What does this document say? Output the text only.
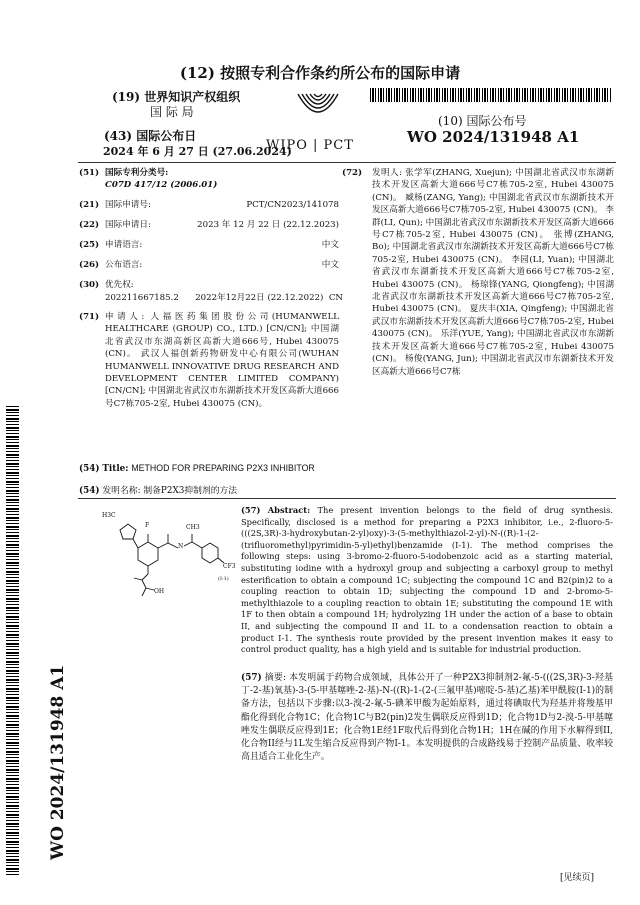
(12) 按照专利合作条约所公布的国际申请
(19) 世界知识产权组织
国 际 局
(43) 国际公布日
2024 年 6 月 27 日 (27.06.2024)
WIPO | PCT
(10) 国际公布号
WO 2024/131948 A1
(51) 国际专利分类号:
C07D 417/12 (2006.01)
(21) 国际申请号:	PCT/CN2023/141078
(22) 国际申请日:	2023 年 12 月 22 日 (22.12.2023)
(25) 申请语言:	中文
(26) 公布语言:	中文
(30) 优先权:
202211667185.2      2022年12月22日 (22.12.2022)  CN
(71) 申请人: 人福医药集团股份公司(HUMANWELL HEALTHCARE (GROUP) CO., LTD.) [CN/CN]; 中国湖北省武汉市东湖高新区高新大道666号, Hubei 430075 (CN)。 武汉人福创新药物研发中心有限公司(WUHAN HUMANWELL INNOVATIVE DRUG RESEARCH AND DEVELOPMENT CENTER LIMITED COMPANY) [CN/CN]; 中国湖北省武汉市东湖新技术开发区高新大道666号C7栋705-2室, Hubei 430075 (CN)。
(72) 发明人: 张学军(ZHANG, Xuejun); 中国湖北省武汉市东湖新技术开发区高新大道666号C7栋705-2室, Hubei 430075 (CN)。 臧杨(ZANG, Yang); 中国湖北省武汉市东湖新技术开发区高新大道666号C7栋705-2室, Hubei 430075 (CN)。 李群(LI, Qun); 中国湖北省武汉市东湖新技术开发区高新大道666号C7栋705-2室, Hubei 430075 (CN)。 张博(ZHANG, Bo); 中国湖北省武汉市东湖新技术开发区高新大道666号C7栋705-2室, Hubei 430075 (CN)。 李园(LI, Yuan); 中国湖北省武汉市东湖新技术开发区高新大道666号C7栋705-2室, Hubei 430075 (CN)。 杨琼锋(YANG, Qiongfeng); 中国湖北省武汉市东湖新技术开发区高新大道666号C7栋705-2室, Hubei 430075 (CN)。 夏庆丰(XIA, Qingfeng); 中国湖北省武汉市东湖新技术开发区高新大道666号C7栋705-2室, Hubei 430075 (CN)。 乐洋(YUE, Yang); 中国湖北省武汉市东湖新技术开发区高新大道666号C7栋705-2室, Hubei 430075 (CN)。 杨俊(YANG, Jun); 中国湖北省武汉市东湖新技术开发区高新大道666号C7栋
(54) Title: METHOD FOR PREPARING P2X3 INHIBITOR
(54) 发明名称: 制备P2X3抑制剂的方法
H3C
F
N
CH3
CF3
OH
(I-1)
(57) Abstract: The present invention belongs to the field of drug synthesis. Specifically, disclosed is a method for preparing a P2X3 inhibitor, i.e., 2-fluoro-5-(((2S,3R)-3-hydroxybutan-2-yl)oxy)-3-(5-methylthiazol-2-yl)-N-((R)-1-(2-(trifluoromethyl)pyrimidin-5-yl)ethyl)benzamide (I-1). The method comprises the following steps: using 3-bromo-2-fluoro-5-iodobenzoic acid as a starting material, substituting iodine with a hydroxyl group and subjecting a carboxyl group to methyl esterification to obtain a compound 1C; subjecting the compound 1C and B2(pin)2 to a coupling reaction to obtain 1D; subjecting the compound 1D and 2-bromo-5-methylthiazole to a coupling reaction to obtain 1E; substituting the compound 1E with 1F to then obtain a compound 1H; hydrolyzing 1H under the action of a base to obtain II, and subjecting the compound II and 1L to a condensation reaction to obtain a product I-1. The synthesis route provided by the present invention makes it easy to control product quality, has a high yield and is suitable for industrial production.
(57) 摘要: 本发明属于药物合成领域，具体公开了一种P2X3抑制剂2-氟-5-(((2S,3R)-3-羟基丁-2-基)氧基)-3-(5-甲基噻唑-2-基)-N-((R)-1-(2-(三氟甲基)嘧啶-5-基)乙基)苯甲酰胺(I-1)的制备方法，包括以下步骤:以3-溴-2-氟-5-碘苯甲酸为起始原料，通过将碘取代为羟基并将羧基甲酯化得到化合物1C；化合物1C与B2(pin)2发生偶联反应得到1D；化合物1D与2-溴-5-甲基噻唑发生偶联反应得到1E；化合物1E经1F取代后得到化合物1H；1H在碱的作用下水解得到II,化合物II经与1L发生缩合反应得到产物I-1。本发明提供的合成路线易于控制产品质量、收率较高且适合工业化生产。
WO 2024/131948 A1
[见续页]
